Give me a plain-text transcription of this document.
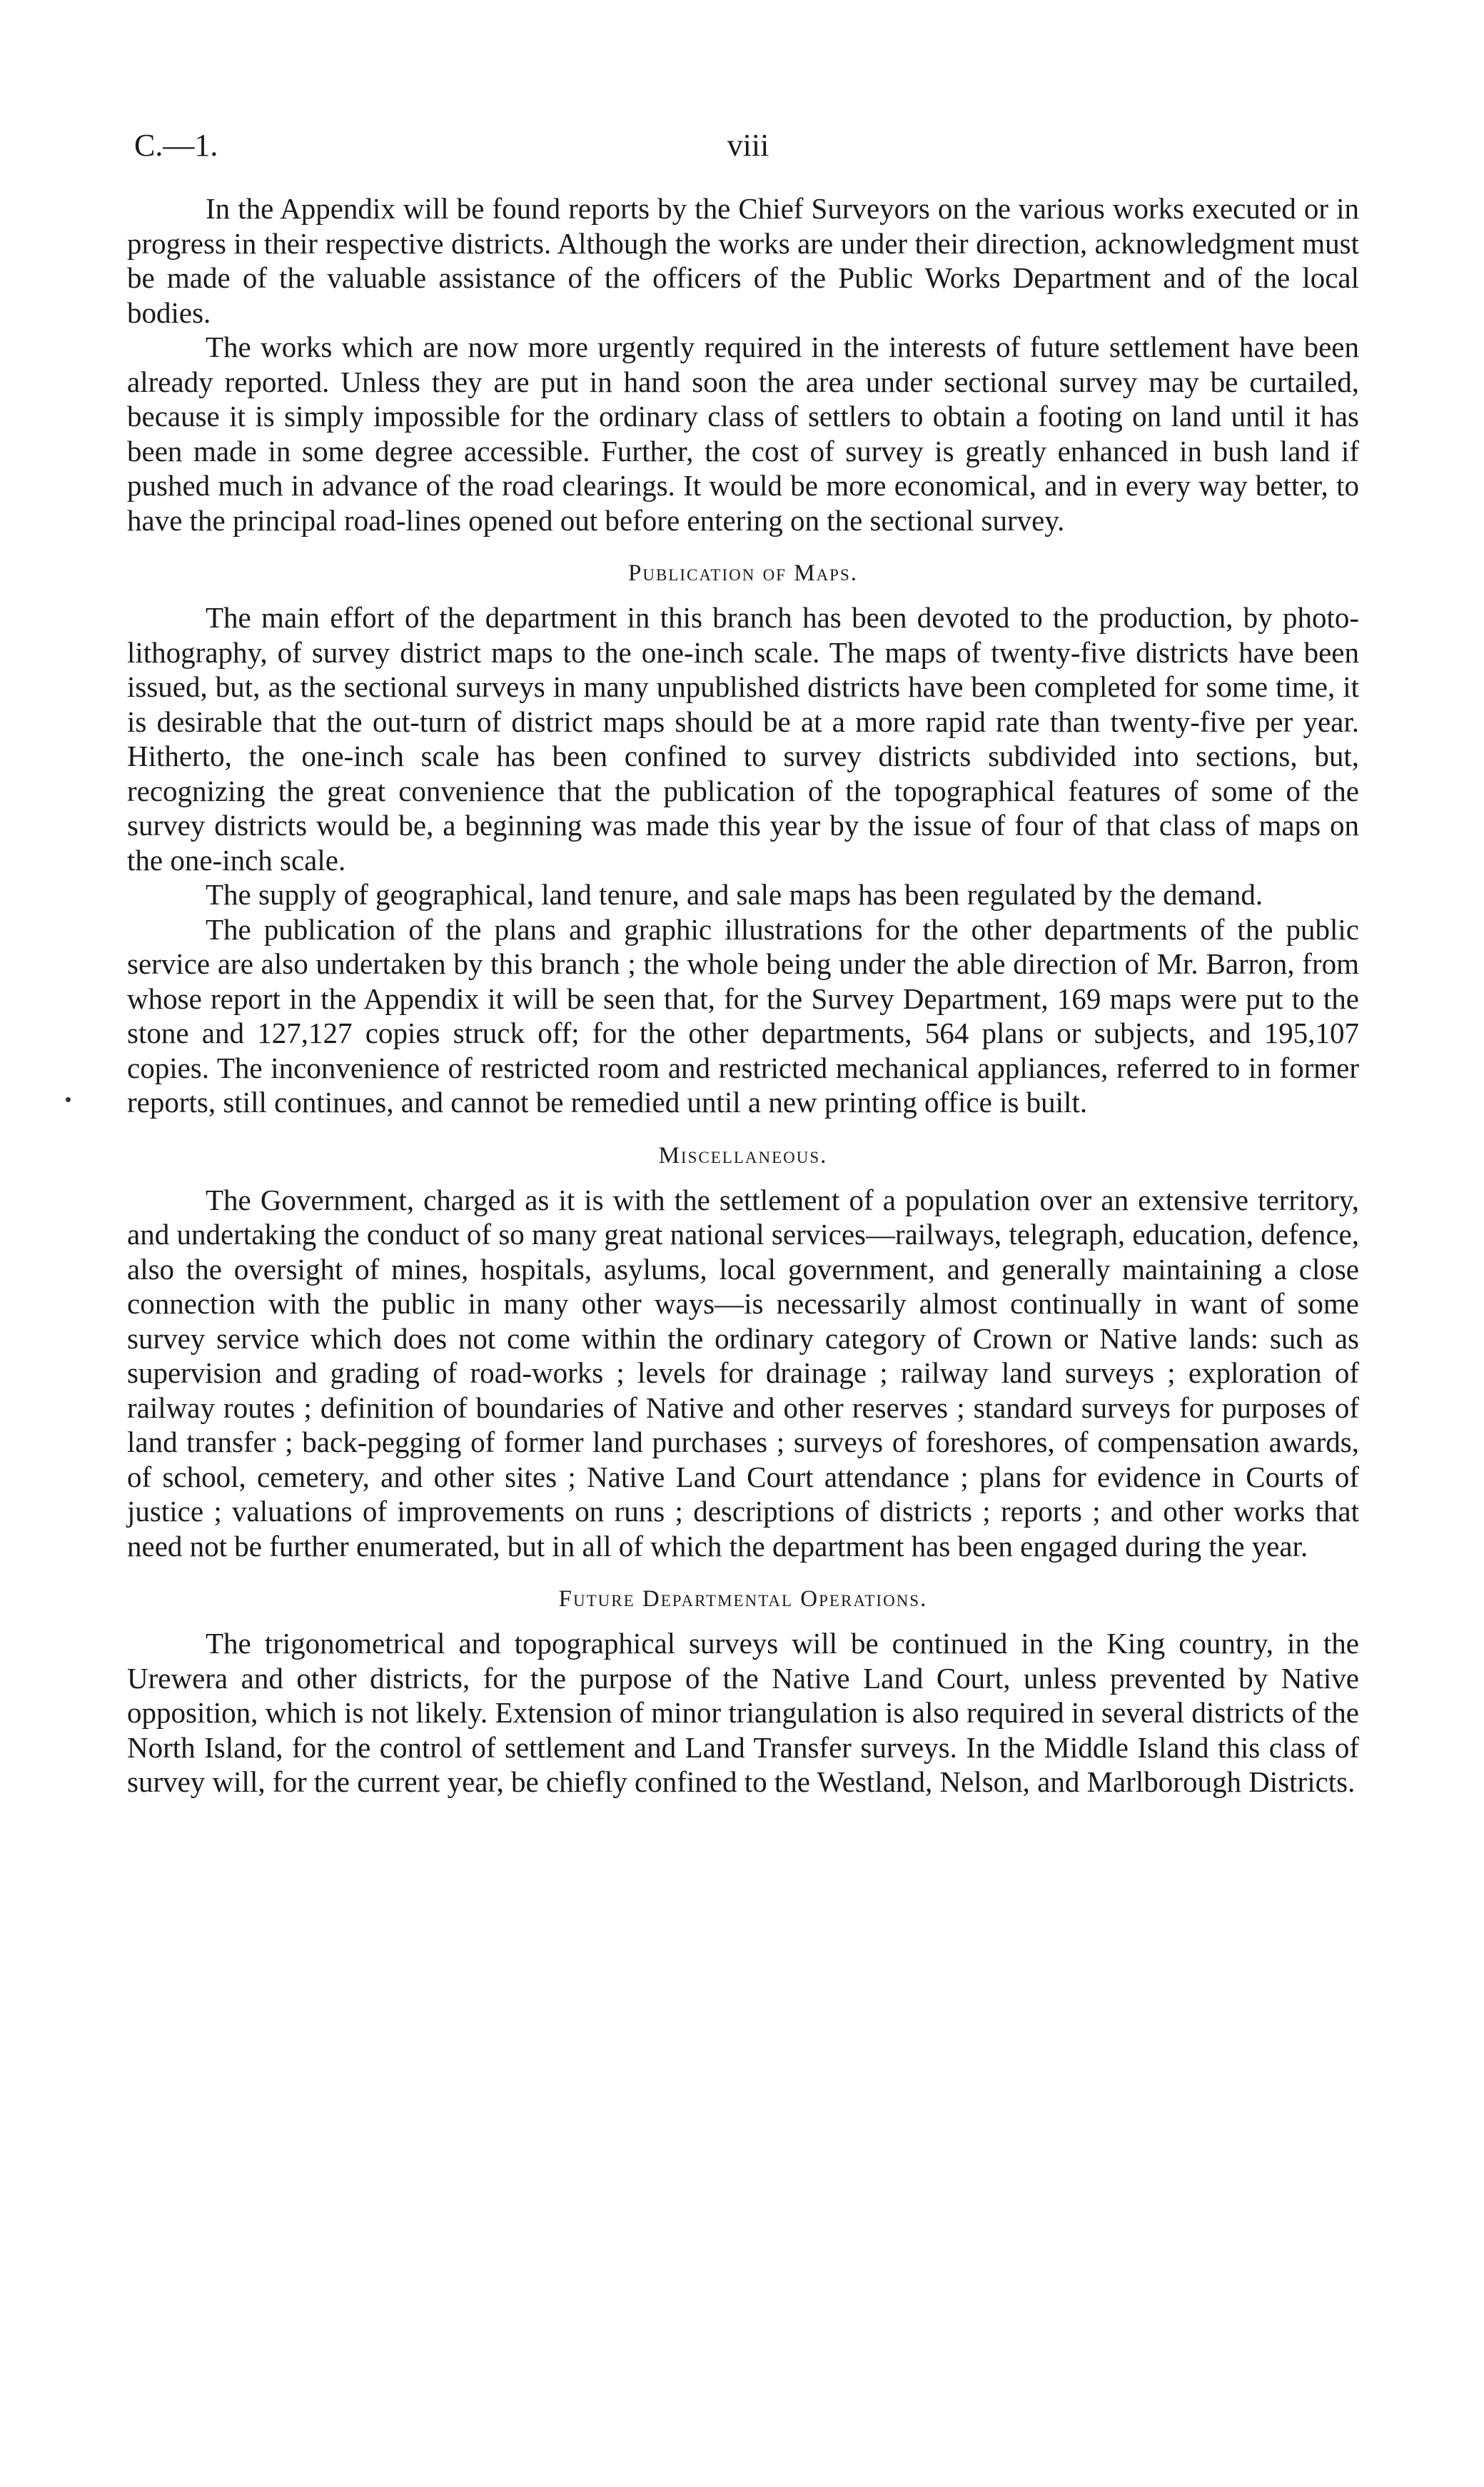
C.—1.	viii

In the Appendix will be found reports by the Chief Surveyors on the various works executed or in progress in their respective districts. Although the works are under their direction, acknowledgment must be made of the valuable assistance of the officers of the Public Works Department and of the local bodies.

The works which are now more urgently required in the interests of future settlement have been already reported. Unless they are put in hand soon the area under sectional survey may be curtailed, because it is simply impossible for the ordinary class of settlers to obtain a footing on land until it has been made in some degree accessible. Further, the cost of survey is greatly enhanced in bush land if pushed much in advance of the road clearings. It would be more economical, and in every way better, to have the principal road-lines opened out before entering on the sectional survey.

Publication of Maps.

The main effort of the department in this branch has been devoted to the production, by photo-lithography, of survey district maps to the one-inch scale. The maps of twenty-five districts have been issued, but, as the sectional surveys in many unpublished districts have been completed for some time, it is desirable that the out-turn of district maps should be at a more rapid rate than twenty-five per year. Hitherto, the one-inch scale has been confined to survey districts subdivided into sections, but, recognizing the great convenience that the publication of the topographical features of some of the survey districts would be, a beginning was made this year by the issue of four of that class of maps on the one-inch scale.

The supply of geographical, land tenure, and sale maps has been regulated by the demand.

The publication of the plans and graphic illustrations for the other departments of the public service are also undertaken by this branch ; the whole being under the able direction of Mr. Barron, from whose report in the Appendix it will be seen that, for the Survey Department, 169 maps were put to the stone and 127,127 copies struck off; for the other departments, 564 plans or subjects, and 195,107 copies. The inconvenience of restricted room and restricted mechanical appliances, referred to in former reports, still continues, and cannot be remedied until a new printing office is built.

Miscellaneous.

The Government, charged as it is with the settlement of a population over an extensive territory, and undertaking the conduct of so many great national services—railways, telegraph, education, defence, also the oversight of mines, hospitals, asylums, local government, and generally maintaining a close connection with the public in many other ways—is necessarily almost continually in want of some survey service which does not come within the ordinary category of Crown or Native lands: such as supervision and grading of road-works ; levels for drainage ; railway land surveys ; exploration of railway routes ; definition of boundaries of Native and other reserves ; standard surveys for purposes of land transfer ; back-pegging of former land purchases ; surveys of foreshores, of compensation awards, of school, cemetery, and other sites ; Native Land Court attendance ; plans for evidence in Courts of justice ; valuations of improvements on runs ; descriptions of districts ; reports ; and other works that need not be further enumerated, but in all of which the department has been engaged during the year.

Future Departmental Operations.

The trigonometrical and topographical surveys will be continued in the King country, in the Urewera and other districts, for the purpose of the Native Land Court, unless prevented by Native opposition, which is not likely. Extension of minor triangulation is also required in several districts of the North Island, for the control of settlement and Land Transfer surveys. In the Middle Island this class of survey will, for the current year, be chiefly confined to the Westland, Nelson, and Marlborough Districts.
